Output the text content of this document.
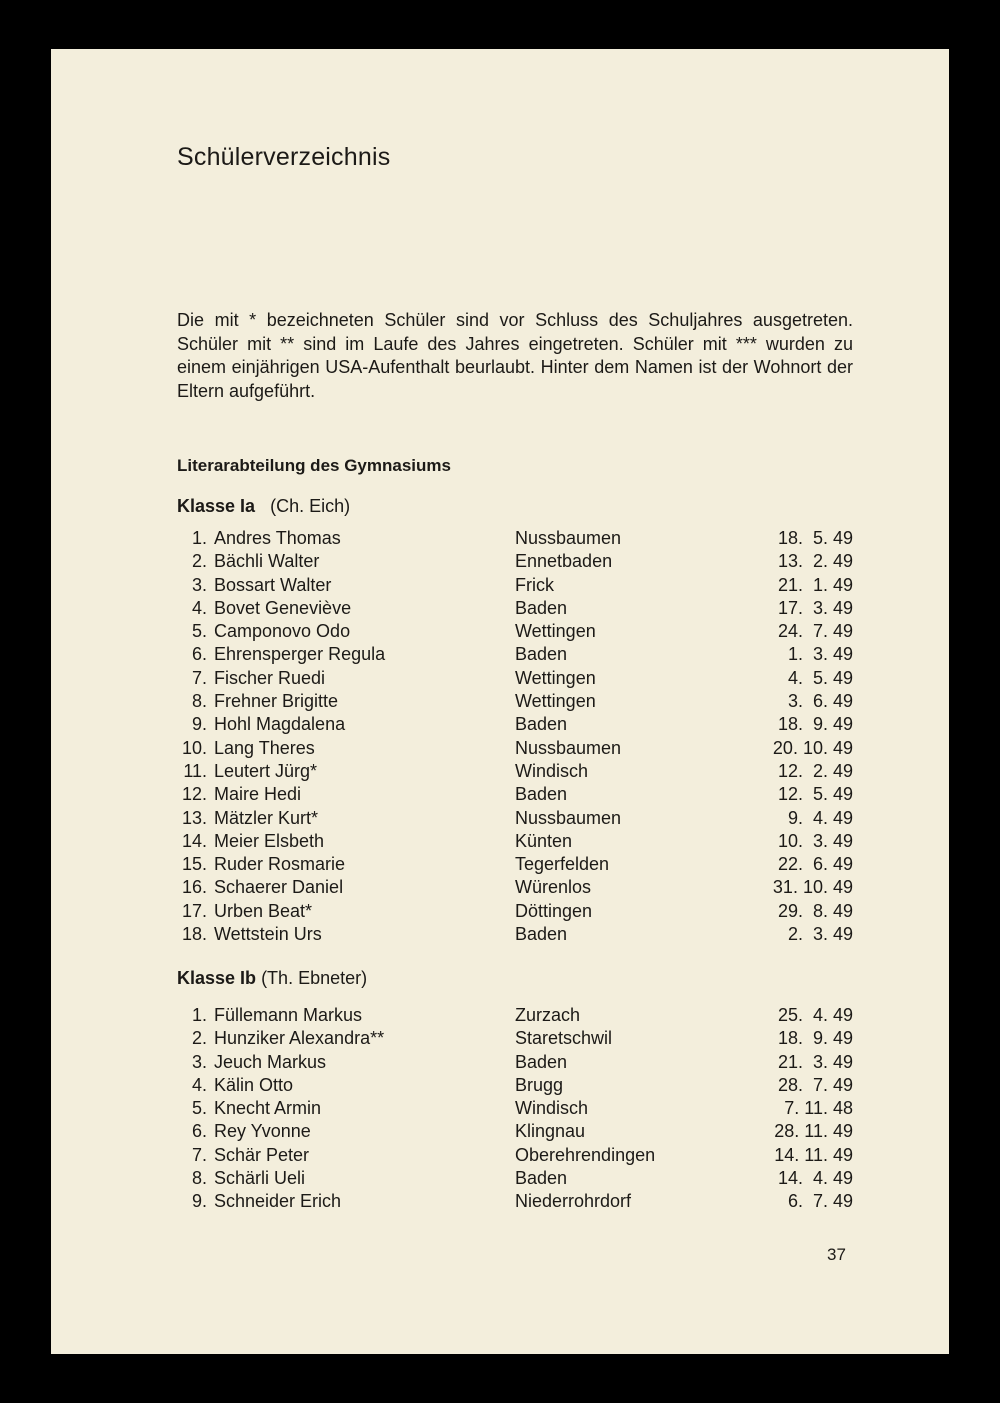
Schülerverzeichnis

Die mit * bezeichneten Schüler sind vor Schluss des Schuljahres ausgetreten. Schüler mit ** sind im Laufe des Jahres eingetreten. Schüler mit *** wurden zu einem einjährigen USA-Aufenthalt beurlaubt. Hinter dem Namen ist der Wohnort der Eltern aufgeführt.

Literarabteilung des Gymnasiums
Klasse Ia (Ch. Eich)
1. Andres Thomas	Nussbaumen	18.  5. 49
2. Bächli Walter	Ennetbaden	13.  2. 49
3. Bossart Walter	Frick	21.  1. 49
4. Bovet Geneviève	Baden	17.  3. 49
5. Camponovo Odo	Wettingen	24.  7. 49
6. Ehrensperger Regula	Baden	1.  3. 49
7. Fischer Ruedi	Wettingen	4.  5. 49
8. Frehner Brigitte	Wettingen	3.  6. 49
9. Hohl Magdalena	Baden	18.  9. 49
10. Lang Theres	Nussbaumen	20. 10. 49
11. Leutert Jürg*	Windisch	12.  2. 49
12. Maire Hedi	Baden	12.  5. 49
13. Mätzler Kurt*	Nussbaumen	9.  4. 49
14. Meier Elsbeth	Künten	10.  3. 49
15. Ruder Rosmarie	Tegerfelden	22.  6. 49
16. Schaerer Daniel	Würenlos	31. 10. 49
17. Urben Beat*	Döttingen	29.  8. 49
18. Wettstein Urs	Baden	2.  3. 49
Klasse Ib (Th. Ebneter)
1. Füllemann Markus	Zurzach	25.  4. 49
2. Hunziker Alexandra**	Staretschwil	18.  9. 49
3. Jeuch Markus	Baden	21.  3. 49
4. Kälin Otto	Brugg	28.  7. 49
5. Knecht Armin	Windisch	7. 11. 48
6. Rey Yvonne	Klingnau	28. 11. 49
7. Schär Peter	Oberehrendingen	14. 11. 49
8. Schärli Ueli	Baden	14.  4. 49
9. Schneider Erich	Niederrohrdorf	6.  7. 49

37
